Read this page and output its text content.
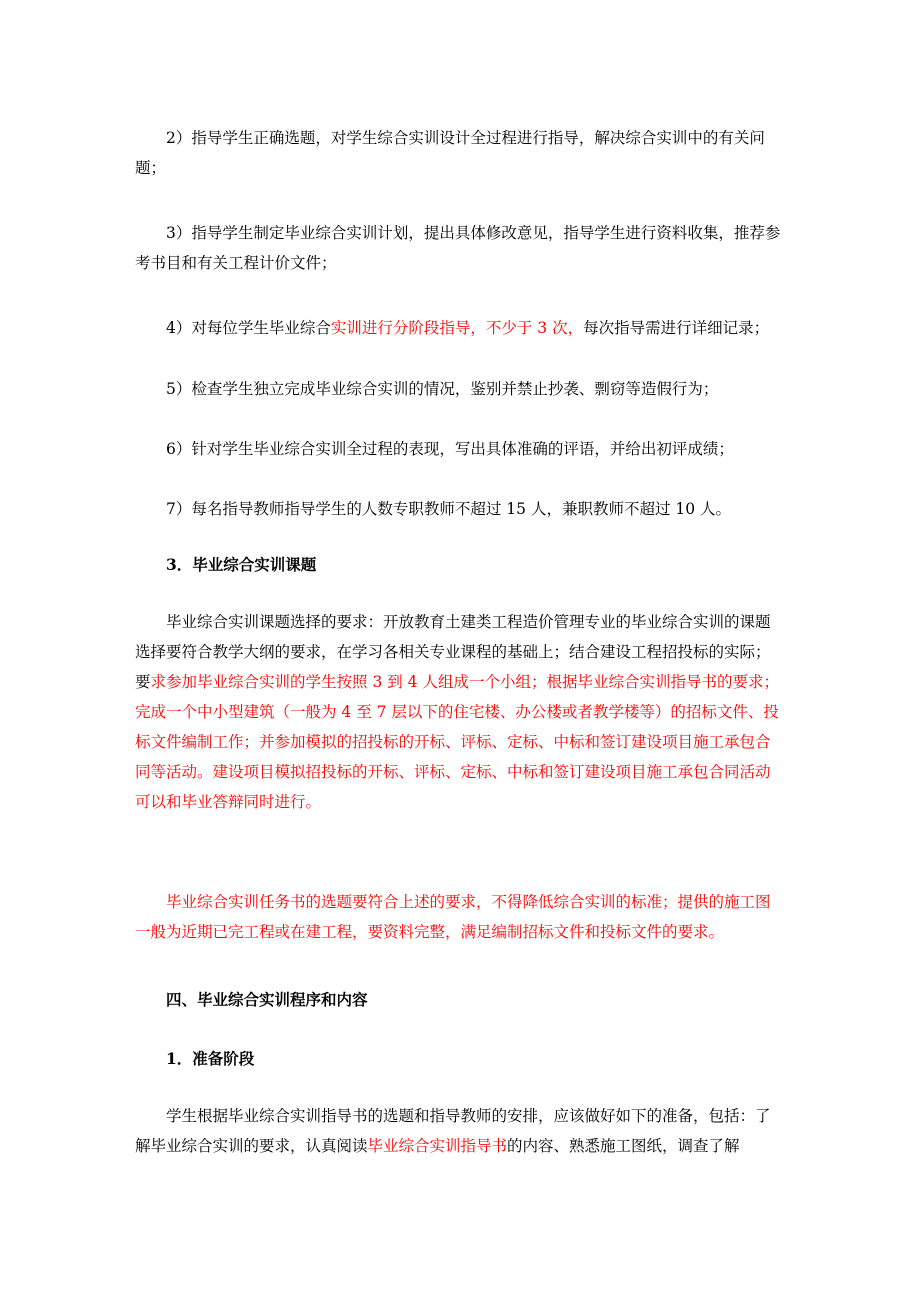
2）指导学生正确选题，对学生综合实训设计全过程进行指导，解决综合实训中的有关问题；

3）指导学生制定毕业综合实训计划，提出具体修改意见，指导学生进行资料收集，推荐参考书目和有关工程计价文件；

4）对每位学生毕业综合实训进行分阶段指导，不少于 3 次，每次指导需进行详细记录；

5）检查学生独立完成毕业综合实训的情况，鉴别并禁止抄袭、剽窃等造假行为；

6）针对学生毕业综合实训全过程的表现，写出具体准确的评语，并给出初评成绩；

7）每名指导教师指导学生的人数专职教师不超过 15 人，兼职教师不超过 10 人。

3．毕业综合实训课题

毕业综合实训课题选择的要求：开放教育土建类工程造价管理专业的毕业综合实训的课题选择要符合教学大纲的要求，在学习各相关专业课程的基础上；结合建设工程招投标的实际；要求参加毕业综合实训的学生按照 3 到 4 人组成一个小组；根据毕业综合实训指导书的要求；完成一个中小型建筑（一般为 4 至 7 层以下的住宅楼、办公楼或者教学楼等）的招标文件、投标文件编制工作；并参加模拟的招投标的开标、评标、定标、中标和签订建设项目施工承包合同等活动。建设项目模拟招投标的开标、评标、定标、中标和签订建设项目施工承包合同活动可以和毕业答辩同时进行。

毕业综合实训任务书的选题要符合上述的要求，不得降低综合实训的标准；提供的施工图一般为近期已完工程或在建工程，要资料完整，满足编制招标文件和投标文件的要求。

四、毕业综合实训程序和内容

1．准备阶段

学生根据毕业综合实训指导书的选题和指导教师的安排，应该做好如下的准备，包括：了解毕业综合实训的要求，认真阅读毕业综合实训指导书的内容、熟悉施工图纸，调查了解
